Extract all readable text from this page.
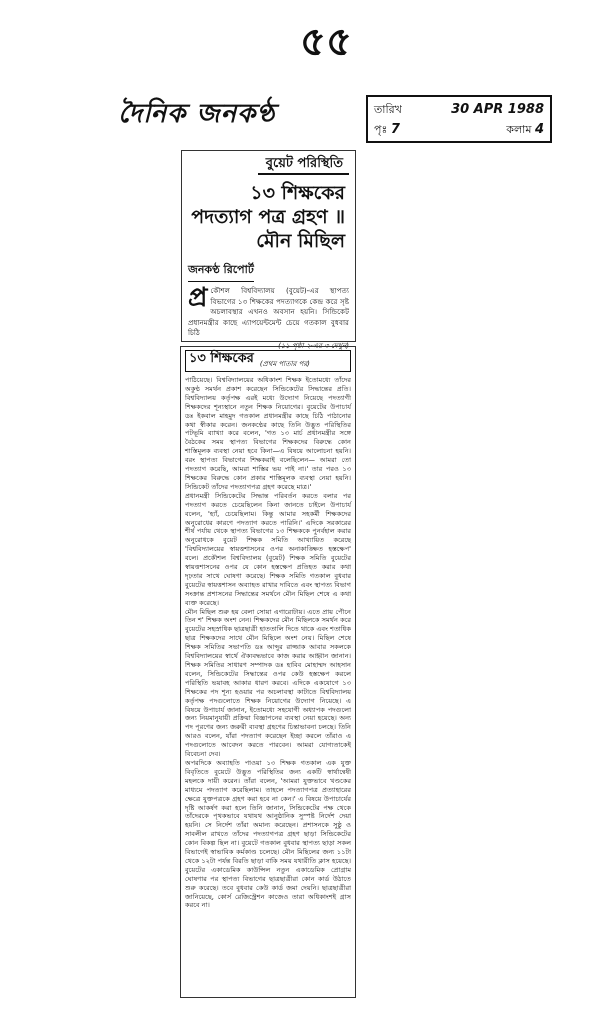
৫৫
দৈনিক জনকণ্ঠ	তারিখ	30 APR 1988
পৃঃ 7	কলাম 4
বুয়েট পরিস্থিতি
১৩ শিক্ষকের পদত্যাগ পত্র গ্রহণ ॥ মৌন মিছিল
জনকণ্ঠ রিপোর্ট
প্র কৌশল বিশ্ববিদ্যালয় (বুয়েট)-এর স্থাপত্য বিভাগের ১৩ শিক্ষকের পদত্যাগকে কেন্দ্র করে সৃষ্ট অচলাবস্থার এখনও অবসান হয়নি। সিন্ডিকেট প্রধানমন্ত্রীর কাছে এ্যাপয়েন্টমেন্ট চেয়ে গতকাল বুধবার চিঠি
(১১ পৃষ্ঠা ২-এর ৩ দেখুন)
১৩ শিক্ষকের (প্রথম পাতার পর)

পাঠিয়েছে। বিশ্ববিদ্যালয়ের অধিকাংশ শিক্ষক ইতোমধ্যে তাঁদের অকুণ্ঠ সমর্থন প্রকাশ করেছেন সিন্ডিকেটের সিদ্ধান্তের প্রতি। বিশ্ববিদ্যালয় কর্তৃপক্ষ এরই মধ্যে উদ্যোগ নিয়েছে পদত্যাগী শিক্ষকদের শূন্যস্থানে নতুন শিক্ষক নিয়োগের। বুয়েটের উপাচার্য ডঃ ইকবাল মাহমুদ গতকাল প্রধানমন্ত্রীর কাছে চিঠি পাঠানোর কথা স্বীকার করেন। জনকণ্ঠের কাছে তিনি উদ্ভূত পরিস্থিতির পটভূমি ব্যাখ্যা করে বলেন, 'গত ১৩ মার্চ প্রধানমন্ত্রীর সঙ্গে বৈঠকের সময় স্থাপত্য বিভাগের শিক্ষকদের বিরুদ্ধে কোন শাস্তিমূলক ব্যবস্থা নেয়া হবে কিনা—এ বিষয়ে আলোচনা হয়নি। বরং স্থাপত্য বিভাগের শিক্ষকরাই বলেছিলেন— আমরা তো পদত্যাগ করেছি, আমরা শাস্তির ভয় পাই না।' তার পরও ১৩ শিক্ষকের বিরুদ্ধে কোন প্রকার শাস্তিমূলক ব্যবস্থা নেয়া হয়নি। সিন্ডিকেট তাঁদের পদত্যাগপত্র গ্রহণ করেছে মাত্র।'

প্রধানমন্ত্রী সিন্ডিকেটের সিদ্ধান্ত পরিবর্তন করতে বলার পর পদত্যাগ করতে চেয়েছিলেন কিনা জানতে চাইলে উপাচার্য বলেন, 'হ্যাঁ, চেয়েছিলাম। কিন্তু আমার সহকর্মী শিক্ষকদের অনুরোধের কারণে পদত্যাগ করতে পারিনি।' এদিকে সরকারের শীর্ষ পর্যায় থেকে স্থাপত্য বিভাগের ১৩ শিক্ষককে পুনর্বহাল করার অনুরোধকে বুয়েট শিক্ষক সমিতি আখ্যায়িত করেছে 'বিশ্ববিদ্যালয়ের স্বায়ত্তশাসনের ওপর অনাকাঙ্ক্ষিত হস্তক্ষেপ' বলে। প্রকৌশল বিশ্ববিদ্যালয় (বুয়েট) শিক্ষক সমিতি বুয়েটের স্বায়ত্তশাসনের ওপর যে কোন হস্তক্ষেপ প্রতিহত করার কথা দৃঢ়তার সাথে ঘোষণা করেছে। শিক্ষক সমিতি গতকাল বুধবার বুয়েটের স্বায়ত্তশাসন অব্যাহত রাখার দাবিতে এবং স্থাপত্য বিভাগ সংক্রান্ত প্রশাসনের সিদ্ধান্তের সমর্থনে মৌন মিছিল শেষে এ কথা ব্যক্ত করেছে।

মৌন মিছিল শুরু হয় বেলা সোয়া এগারোটায়। এতে প্রায় পৌনে তিন শ' শিক্ষক অংশ নেন। শিক্ষকদের মৌন মিছিলকে সমর্থন করে বুয়েটের সহস্রাধিক ছাত্রছাত্রী হাততালি দিতে থাকে এবং শতাধিক ছাত্র শিক্ষকদের সাথে মৌন মিছিলে অংশ নেয়। মিছিল শেষে শিক্ষক সমিতির সভাপতি ডঃ আব্দুর রাজ্জাক আবার সকলকে বিশ্ববিদ্যালয়ের স্বার্থে ঐক্যবদ্ধভাবে কাজ করার আহ্বান জানান। শিক্ষক সমিতির সাধারণ সম্পাদক ডঃ হাবিব মোহাম্মদ আহসান বলেন, সিন্ডিকেটের সিদ্ধান্তের ওপর কেউ হস্তক্ষেপ করলে পরিস্থিতি ভয়াবহ আকার ধারণ করবে। এদিকে একযোগে ১৩ শিক্ষকের পদ শূন্য হওয়ার পর অচলাবস্থা কাটাতে বিশ্ববিদ্যালয় কর্তৃপক্ষ পদগুলোতে শিক্ষক নিয়োগের উদ্যোগ নিয়েছে। এ বিষয়ে উপাচার্য জানান, ইতোমধ্যে সহযোগী অধ্যাপক পদগুলো জন্য নিয়মানুযায়ী প্রক্রিয়া বিজ্ঞাপনের ব্যবস্থা নেয়া হয়েছে। অন্য পদ পূরণের জন্য জরুরী ব্যবস্থা গ্রহণের চিন্তাভাবনা চলছে। তিনি আরও বলেন, যাঁরা পদত্যাগ করেছেন ইচ্ছা করলে তাঁরাও এ পদগুলোতে আবেদন করতে পারবেন। আমরা যোগ্যতাকেই বিবেচনা দেব।

অপরদিকে অব্যাহতি পাওয়া ১৩ শিক্ষক গতকাল এক যুক্ত বিবৃতিতে বুয়েটে উদ্ভূত পরিস্থিতির জন্য একটি স্বার্থান্বেষী মহলকে দায়ী করেন। তাঁরা বলেন, 'আমরা যুক্তভাবে খণ্ডকের মাধ্যমে পদত্যাগ করেছিলাম। তাহলে পদত্যাগপত্র প্রত্যাহারের ক্ষেত্রে যুক্তপত্রকে গ্রহণ করা হবে না কেন।' এ বিষয়ে উপাচার্যের দৃষ্টি আকর্ষণ করা হলে তিনি জানান, সিন্ডিকেটের পক্ষ থেকে তাঁদেরকে পৃথকভাবে যথাযথ আনুষ্ঠানিক সুস্পষ্ট নির্দেশ দেয়া হয়নি। সে নির্দেশ তাঁরা অমান্য করেছেন। প্রশাসনকে সুষ্ঠু ও সাবলীল রাখতে তাঁদের পদত্যাগপত্র গ্রহণ ছাড়া সিন্ডিকেটের কোন বিকল্প ছিল না। বুয়েটে গতকাল বুধবার স্থাপত্য ছাড়া সকল বিভাগেই স্বাভাবিক কর্মকাণ্ড চলেছে। মৌন মিছিলের জন্য ১১টা থেকে ১২টা পর্যন্ত বিরতি ছাড়া বাকি সময় যথারীতি ক্লাস হয়েছে। বুয়েটের একাডেমিক কাউন্সিল নতুন একাডেমিক প্রোগ্রাম ঘোষণার পর স্থাপত্য বিভাগের ছাত্রছাত্রীরা কোন কার্ড উঠাতে শুরু করেছে। তবে বুধবার কেউ কার্ড জমা দেয়নি। ছাত্রছাত্রীরা জানিয়েছে, কোর্স রেজিস্ট্রেশন কাজেও তারা অধিকাংশই গ্রাস করবে না।
